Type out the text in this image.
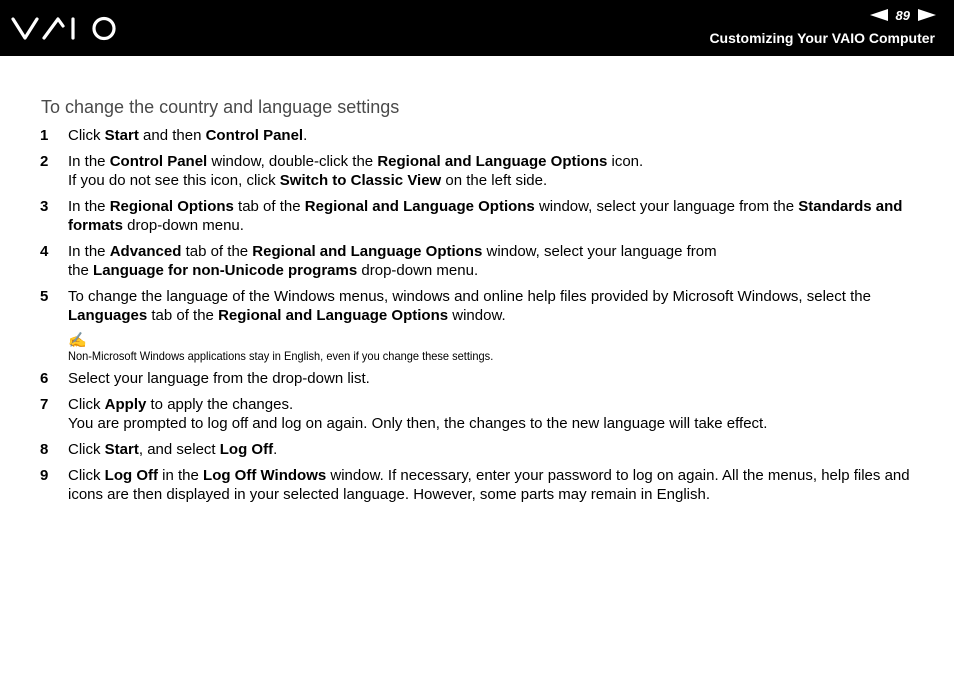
89
Customizing Your VAIO Computer
To change the country and language settings
1 Click Start and then Control Panel.
2 In the Control Panel window, double-click the Regional and Language Options icon.
If you do not see this icon, click Switch to Classic View on the left side.
3 In the Regional Options tab of the Regional and Language Options window, select your language from the Standards and formats drop-down menu.
4 In the Advanced tab of the Regional and Language Options window, select your language from
the Language for non-Unicode programs drop-down menu.
5 To change the language of the Windows menus, windows and online help files provided by Microsoft Windows, select the Languages tab of the Regional and Language Options window.
✍
Non-Microsoft Windows applications stay in English, even if you change these settings.
6 Select your language from the drop-down list.
7 Click Apply to apply the changes.
You are prompted to log off and log on again. Only then, the changes to the new language will take effect.
8 Click Start, and select Log Off.
9 Click Log Off in the Log Off Windows window. If necessary, enter your password to log on again. All the menus, help files and icons are then displayed in your selected language. However, some parts may remain in English.
